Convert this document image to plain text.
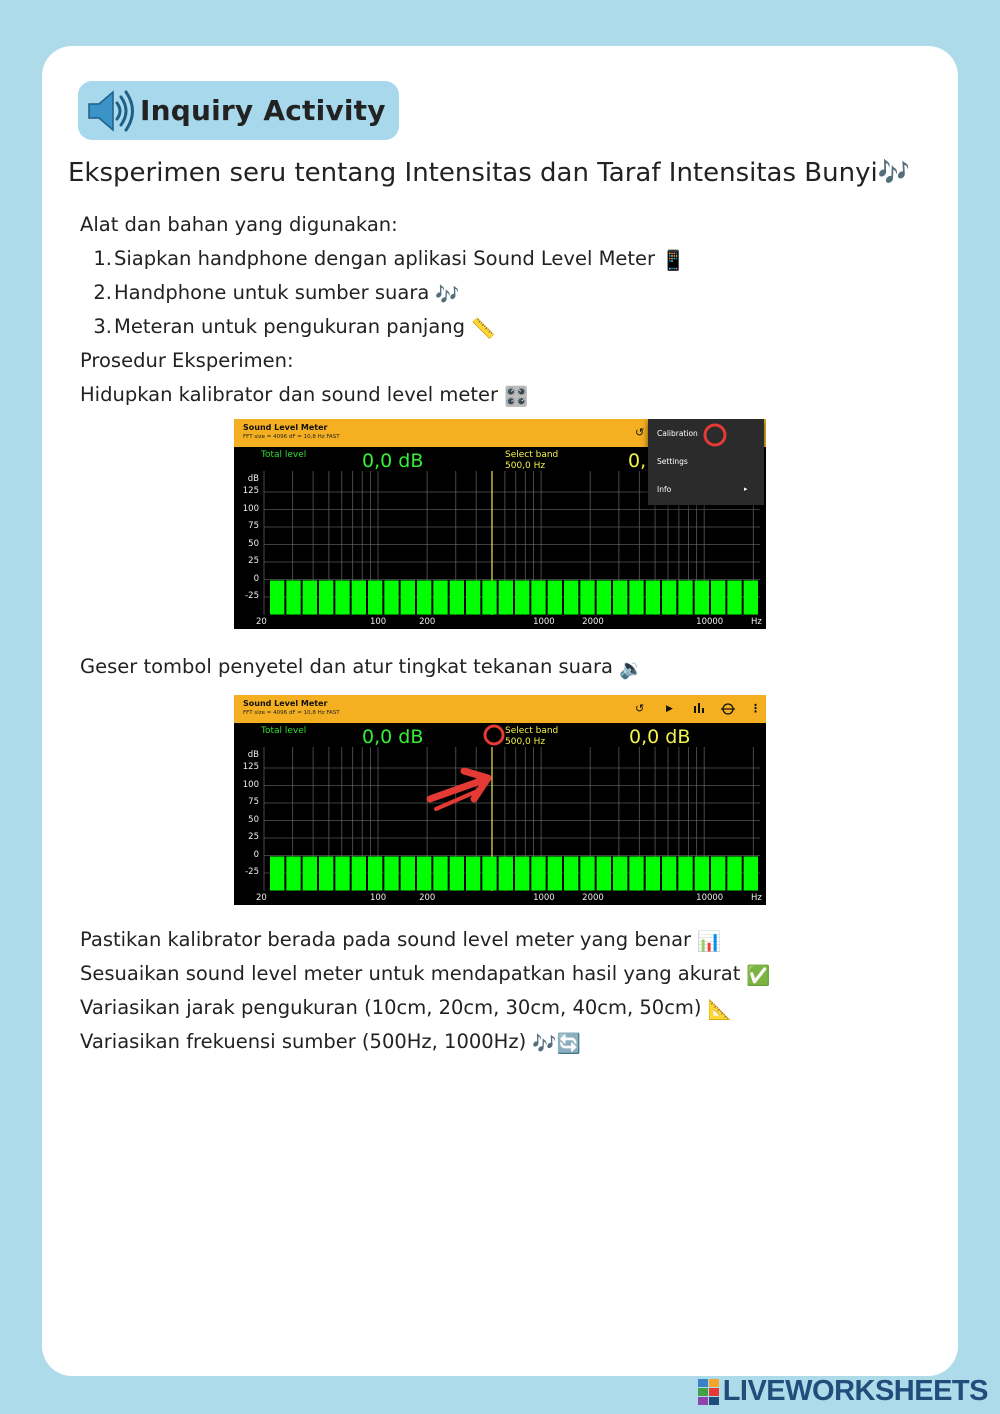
Inquiry Activity
Eksperimen seru tentang Intensitas dan Taraf Intensitas Bunyi🎶
Alat dan bahan yang digunakan:
1. Siapkan handphone dengan aplikasi Sound Level Meter 📱
2. Handphone untuk sumber suara 🎶
3. Meteran untuk pengukuran panjang 📏
Prosedur Eksperimen:
Hidupkan kalibrator dan sound level meter 🎛️
Sound Level Meter
FFT size = 4096 dF = 10,8 Hz FAST	↺
Total level	0,0 dB	Select band
500,0 Hz	0,
Calibration
Settings
Info	▸
dB
125
100
75
50
25
0
-25
20	100	200	1000	2000	10000	Hz
Geser tombol penyetel dan atur tingkat tekanan suara 🔉
Sound Level Meter
FFT size = 4096 dF = 10,8 Hz FAST	↺ ▶	⋮
Total level	0,0 dB	Select band
500,0 Hz	0,0 dB
dB
125
100
75
50
25
0
-25
20	100	200	1000	2000	10000	Hz
Pastikan kalibrator berada pada sound level meter yang benar 📊
Sesuaikan sound level meter untuk mendapatkan hasil yang akurat ✅
Variasikan jarak pengukuran (10cm, 20cm, 30cm, 40cm, 50cm) 📐
Variasikan frekuensi sumber (500Hz, 1000Hz) 🎶🔄
LIVEWORKSHEETS
